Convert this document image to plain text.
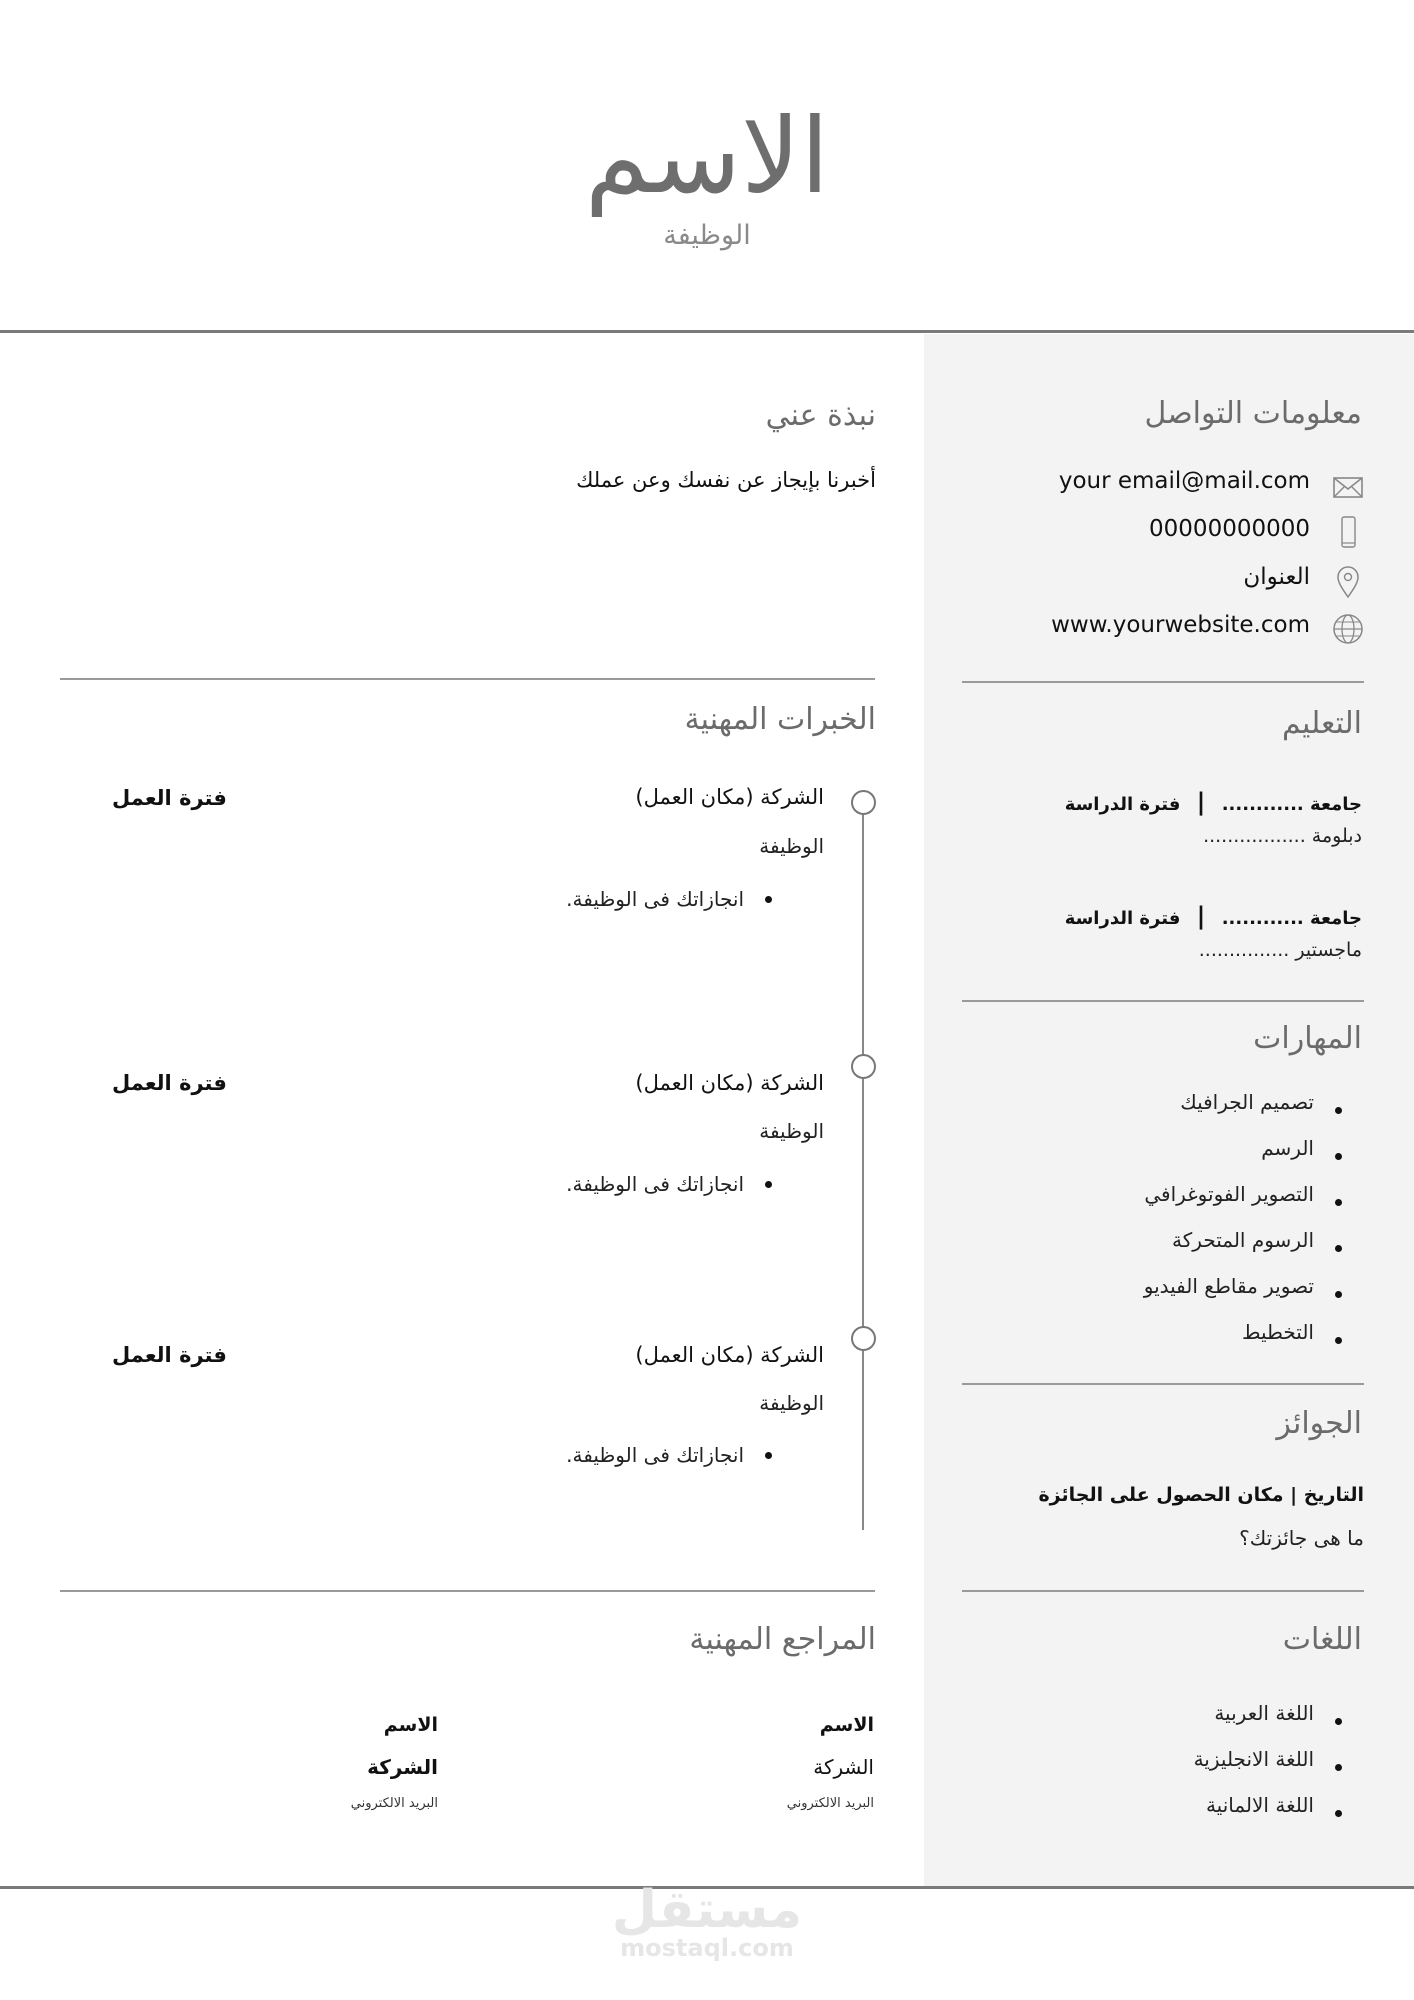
الاسم
الوظيفة
معلومات التواصل
your email@mail.com
00000000000
العنوان
www.yourwebsite.com
التعليم
جامعة ............ | فترة الدراسة
دبلومة .................
جامعة ............ | فترة الدراسة
ماجستير ...............
المهارات
تصميم الجرافيك
الرسم
التصوير الفوتوغرافي
الرسوم المتحركة
تصوير مقاطع الفيديو
التخطيط
الجوائز
التاريخ | مكان الحصول على الجائزة
ما هى جائزتك؟
اللغات
اللغة العربية
اللغة الانجليزية
اللغة الالمانية
نبذة عني
أخبرنا بإيجاز عن نفسك وعن عملك
الخبرات المهنية
الشركة (مكان العمل)
الوظيفة
انجازاتك فى الوظيفة.
فترة العمل
الشركة (مكان العمل)
الوظيفة
انجازاتك فى الوظيفة.
فترة العمل
الشركة (مكان العمل)
الوظيفة
انجازاتك فى الوظيفة.
فترة العمل
المراجع المهنية
الاسم
الشركة
البريد الالكتروني
الاسم
الشركة
البريد الالكتروني
مستقل
mostaql.com
